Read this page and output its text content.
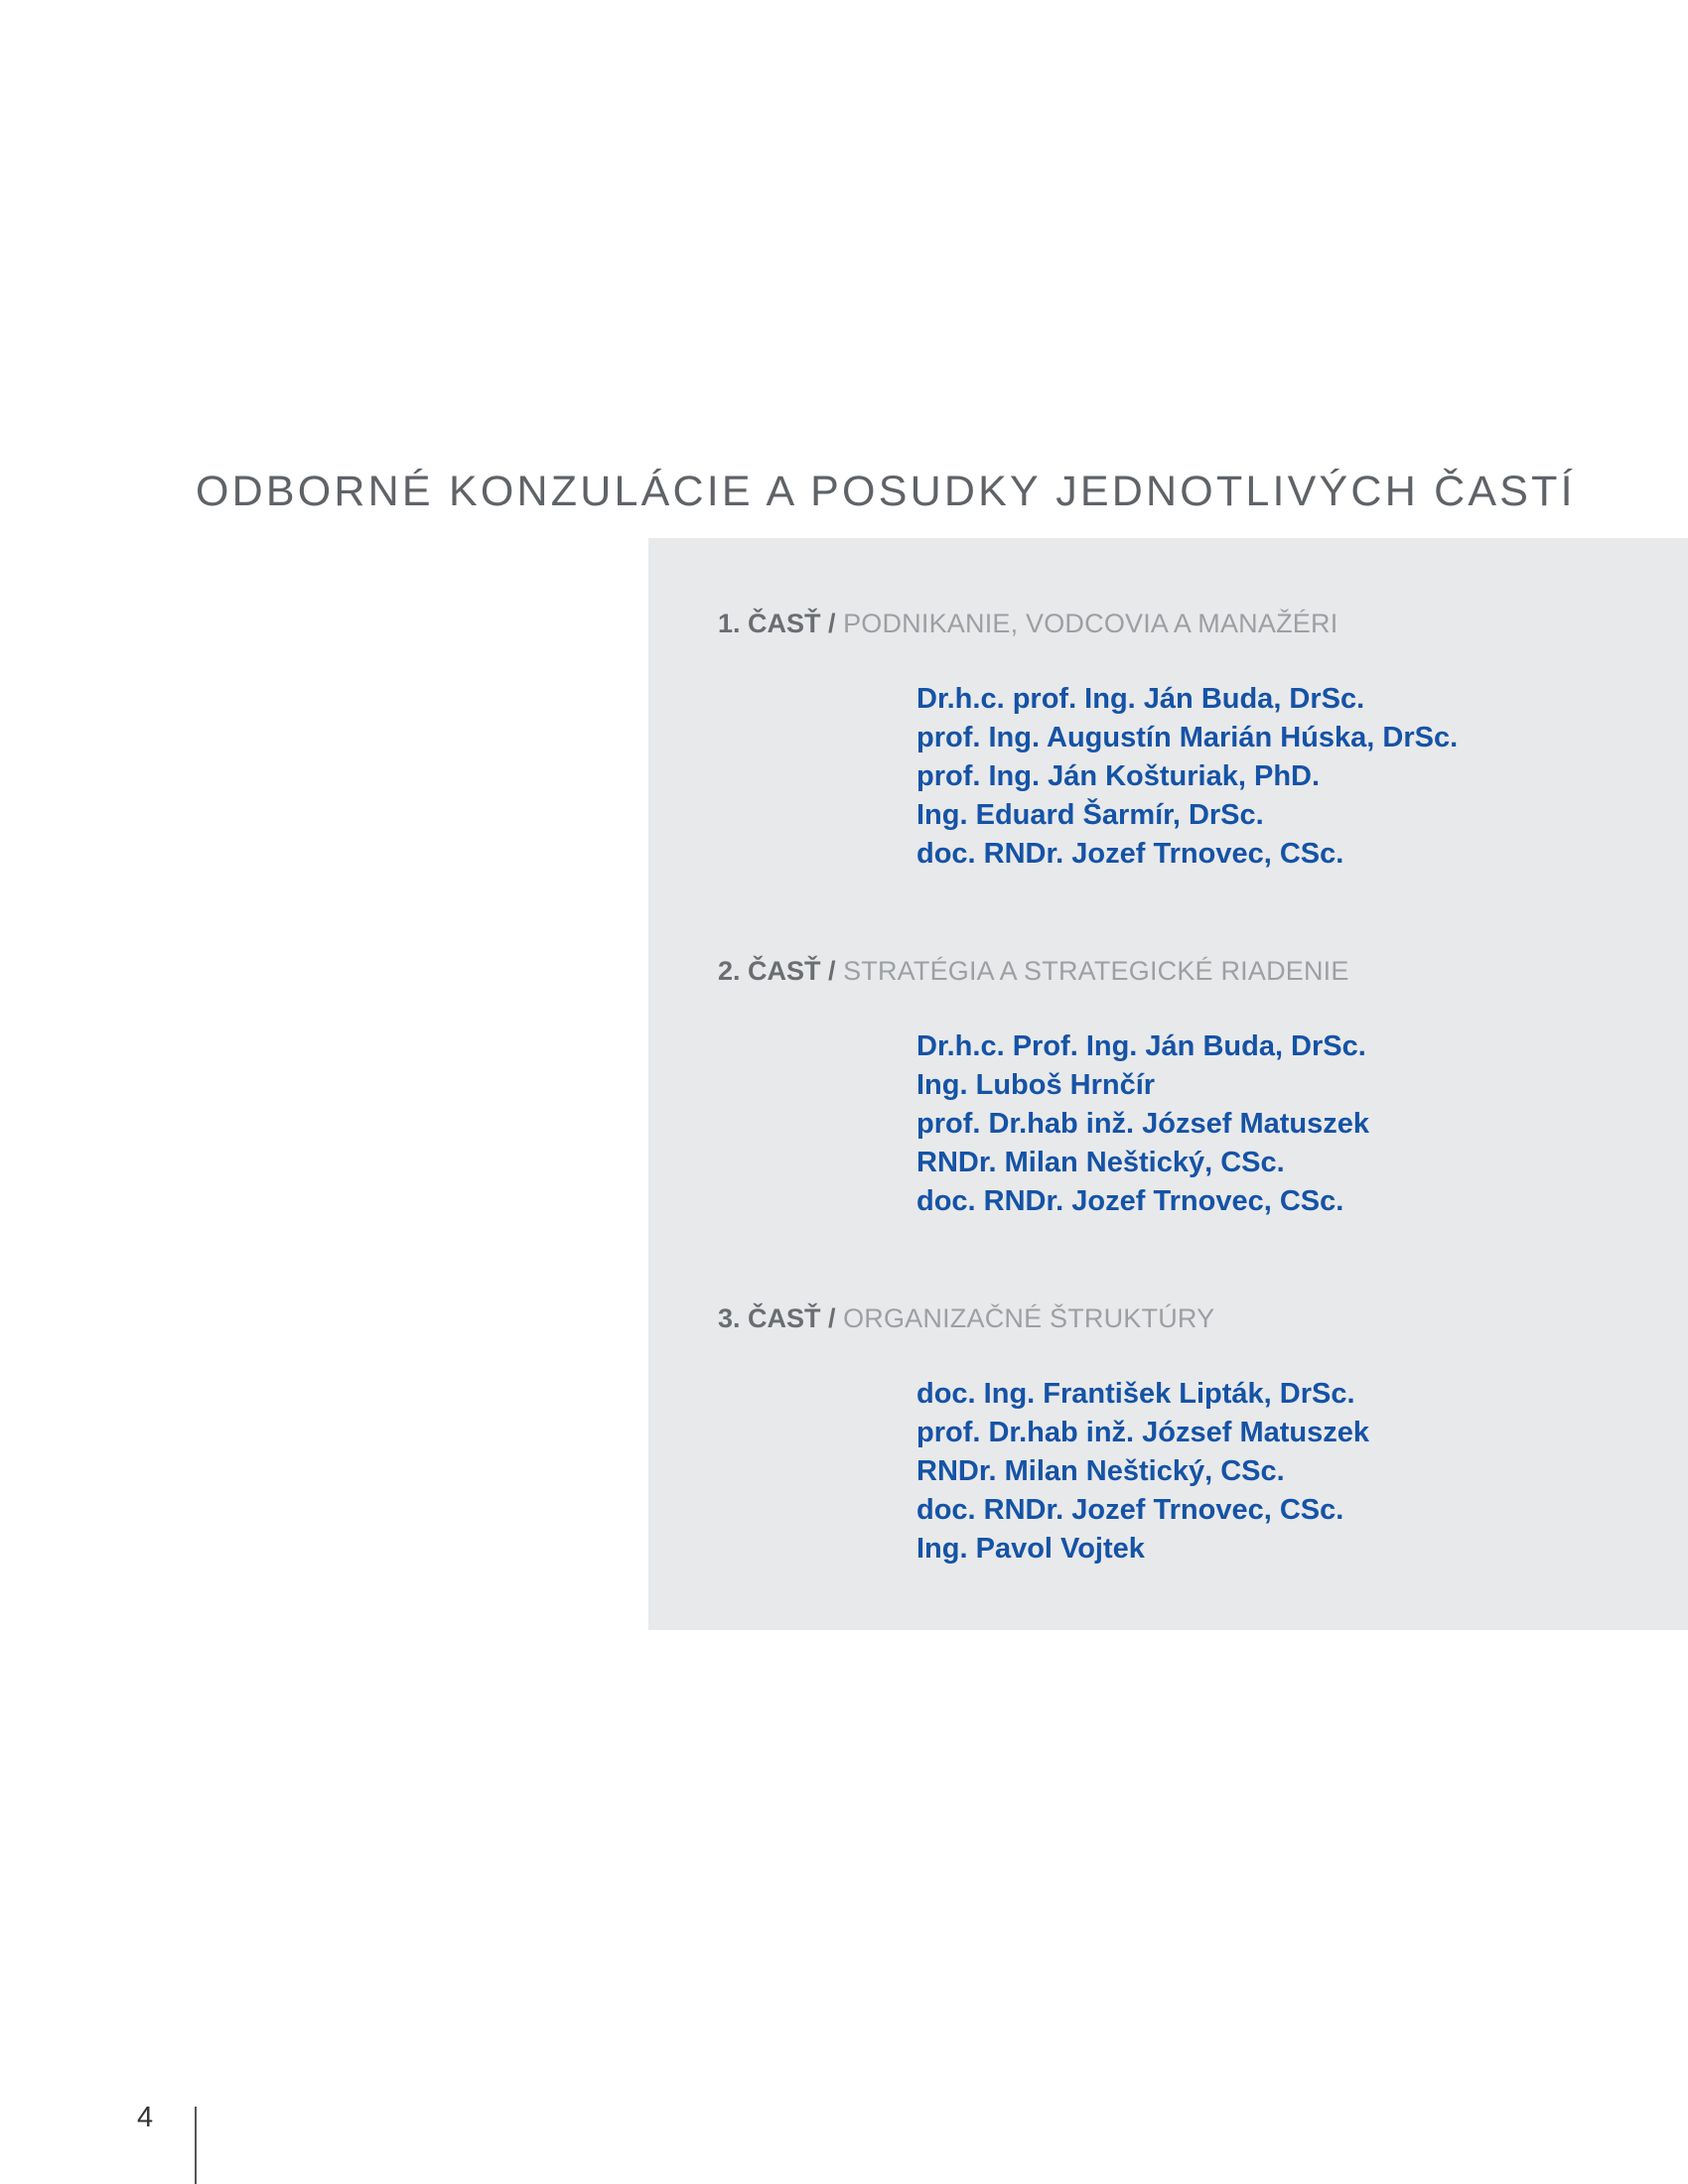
ODBORNÉ KONZULÁCIE A POSUDKY JEDNOTLIVÝCH ČASTÍ
1. ČASŤ / PODNIKANIE, VODCOVIA A MANAŽÉRI
Dr.h.c. prof. Ing. Ján Buda, DrSc.
prof. Ing. Augustín Marián Húska, DrSc.
prof. Ing. Ján Košturiak, PhD.
Ing. Eduard Šarmír, DrSc.
doc. RNDr. Jozef Trnovec, CSc.
2. ČASŤ / STRATÉGIA A STRATEGICKÉ RIADENIE
Dr.h.c. Prof. Ing. Ján Buda, DrSc.
Ing. Luboš Hrnčír
prof. Dr.hab inž. József Matuszek
RNDr. Milan Neštický, CSc.
doc. RNDr. Jozef Trnovec, CSc.
3. ČASŤ / ORGANIZAČNÉ ŠTRUKTÚRY
doc. Ing. František Lipták, DrSc.
prof. Dr.hab inž. József Matuszek
RNDr. Milan Neštický, CSc.
doc. RNDr. Jozef Trnovec, CSc.
Ing. Pavol Vojtek
4
